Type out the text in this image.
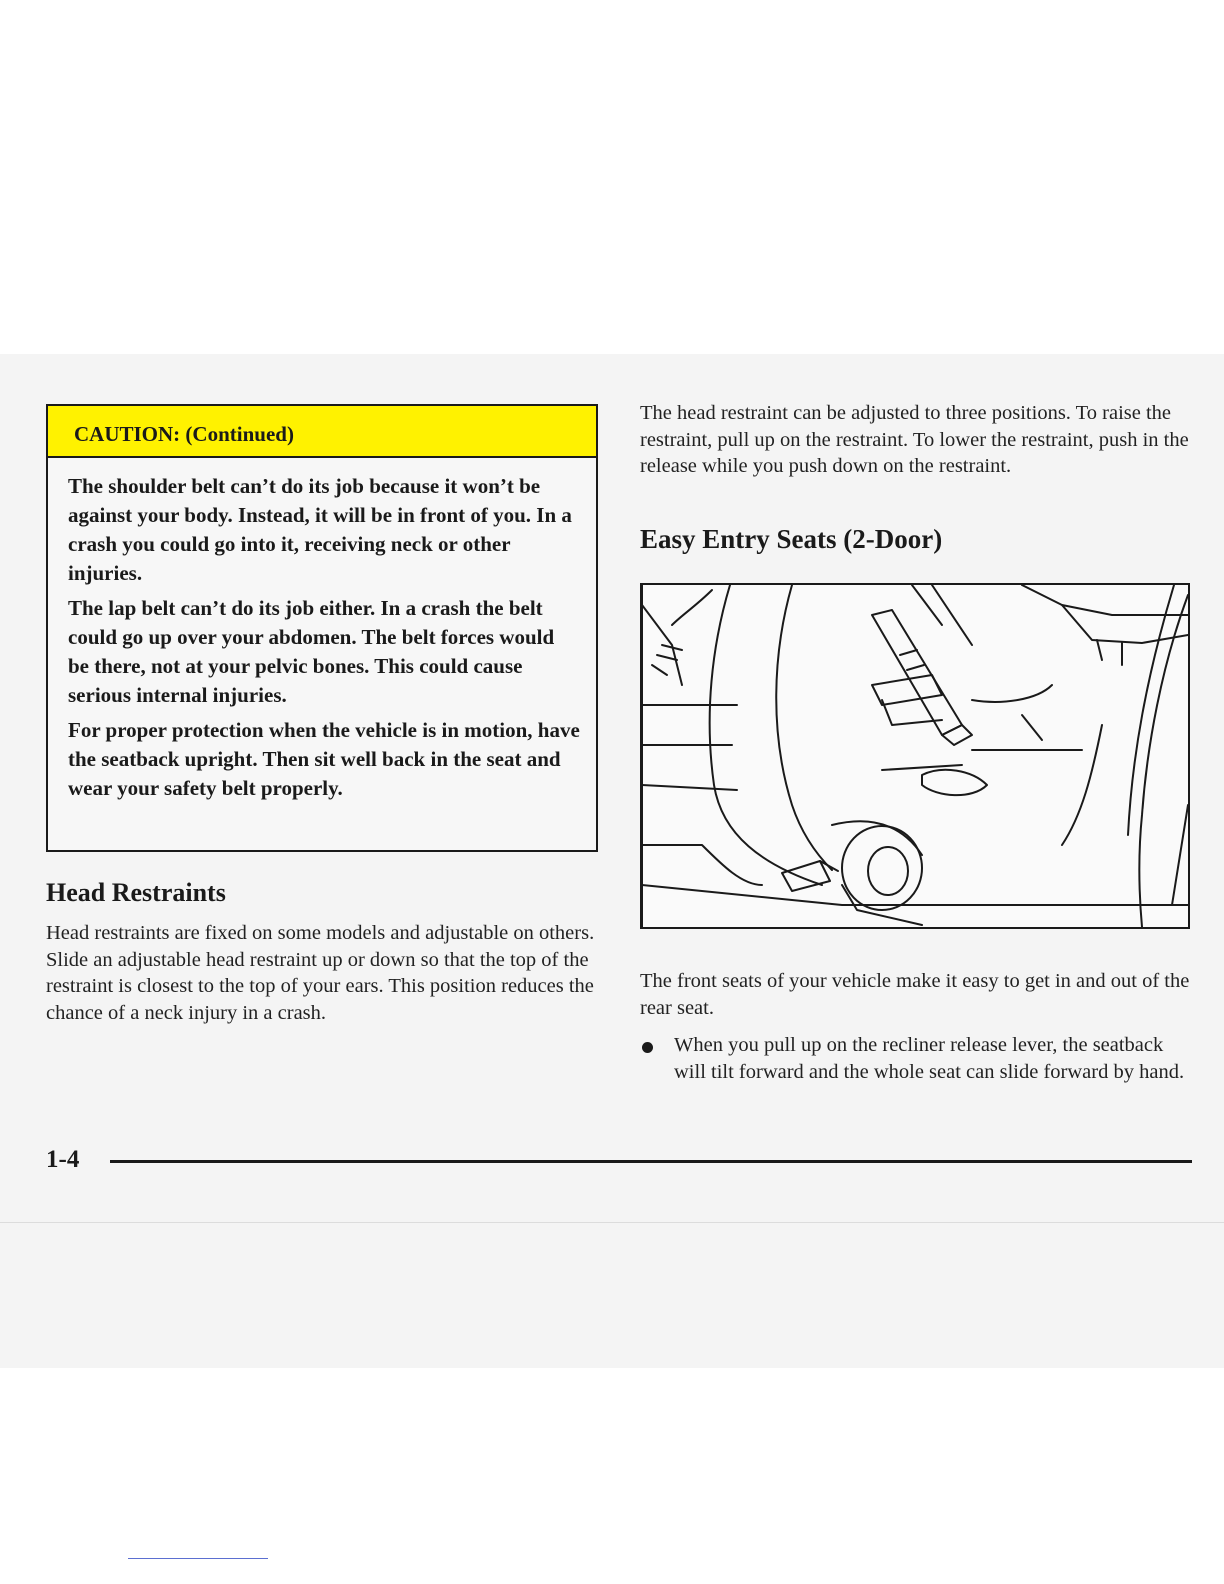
CAUTION: (Continued)

The shoulder belt can’t do its job because it won’t be against your body. Instead, it will be in front of you. In a crash you could go into it, receiving neck or other injuries.

The lap belt can’t do its job either. In a crash the belt could go up over your abdomen. The belt forces would be there, not at your pelvic bones. This could cause serious internal injuries.

For proper protection when the vehicle is in motion, have the seatback upright. Then sit well back in the seat and wear your safety belt properly.

Head Restraints

Head restraints are fixed on some models and adjustable on others. Slide an adjustable head restraint up or down so that the top of the restraint is closest to the top of your ears. This position reduces the chance of a neck injury in a crash.

The head restraint can be adjusted to three positions. To raise the restraint, pull up on the restraint. To lower the restraint, push in the release while you push down on the restraint.

Easy Entry Seats (2-Door)

The front seats of your vehicle make it easy to get in and out of the rear seat.

When you pull up on the recliner release lever, the seatback will tilt forward and the whole seat can slide forward by hand.
1-4
